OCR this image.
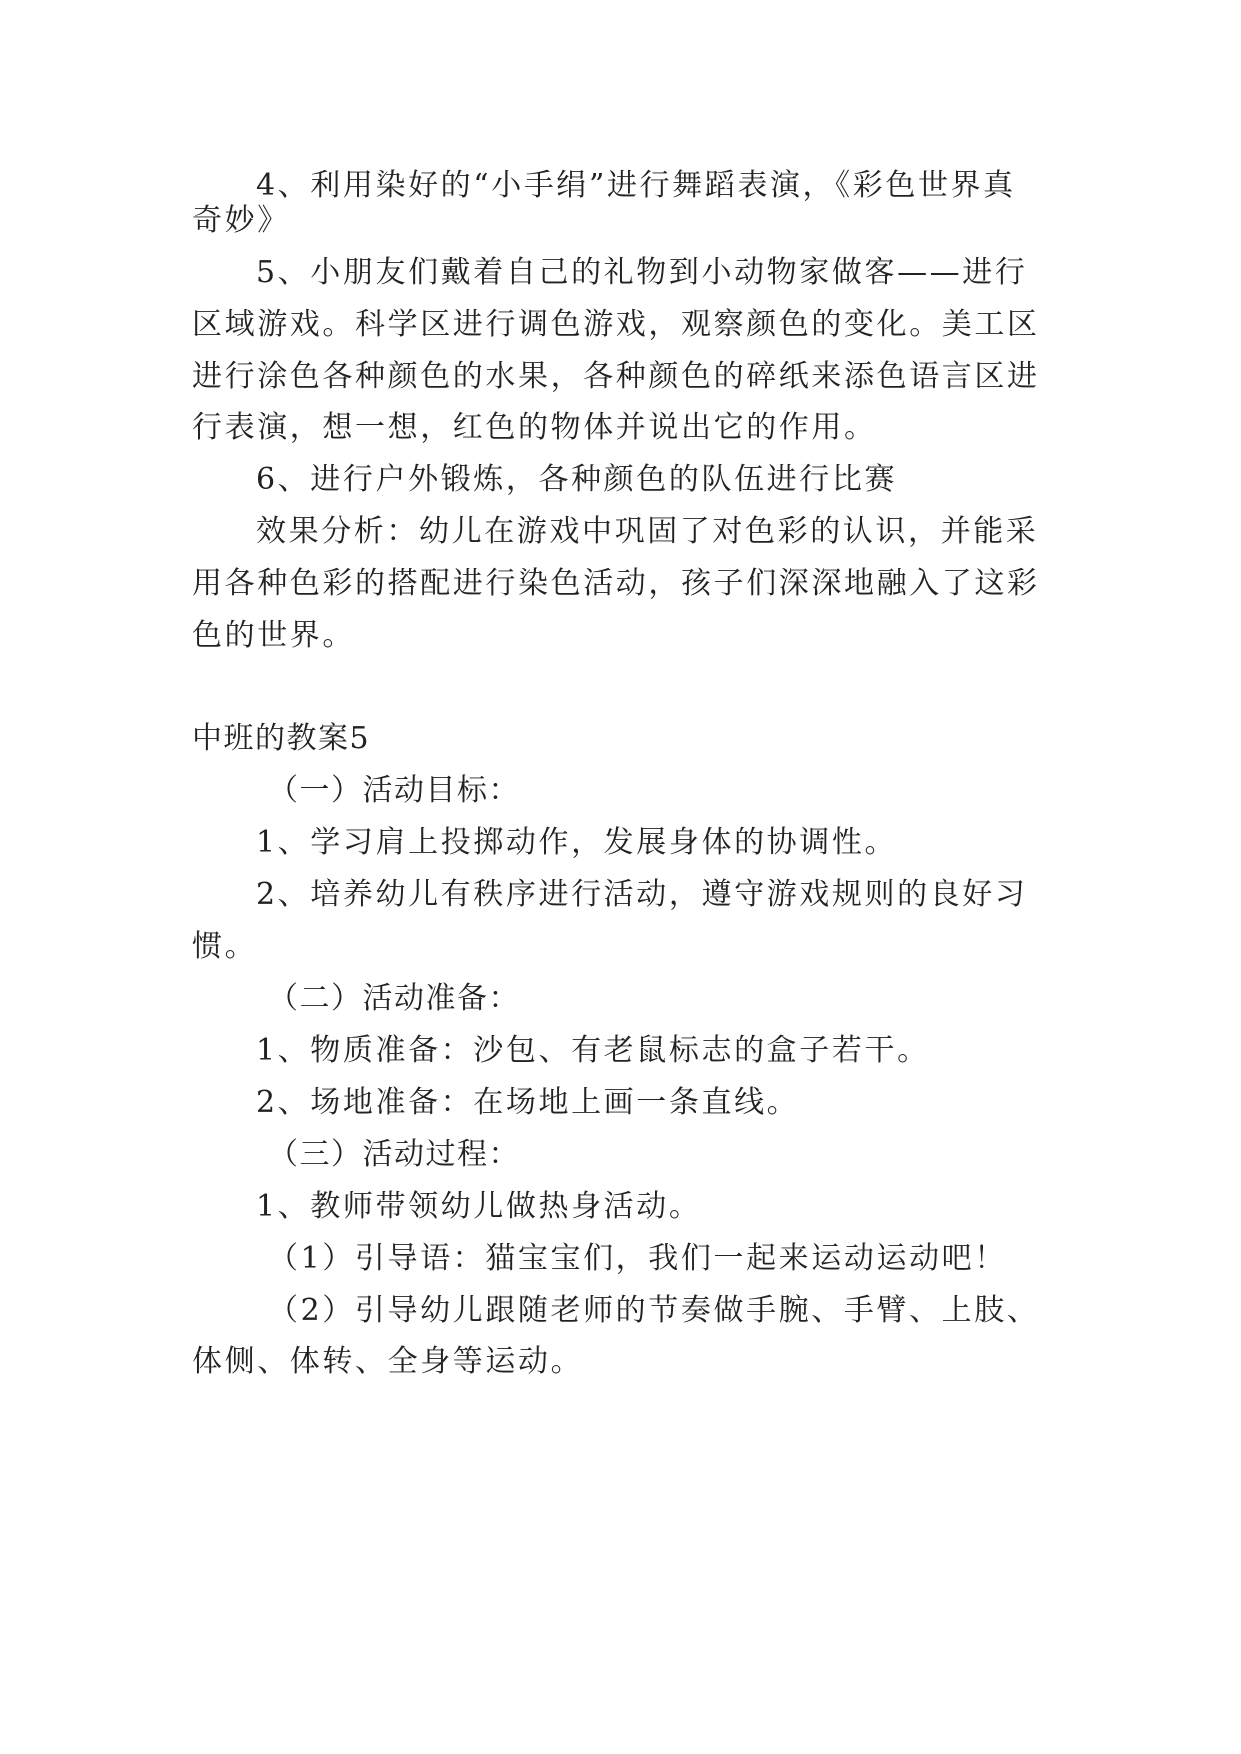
4、利用染好的“小手绢”进行舞蹈表演，《彩色世界真
奇妙》
5、小朋友们戴着自己的礼物到小动物家做客——进行
区域游戏。科学区进行调色游戏，观察颜色的变化。美工区
进行涂色各种颜色的水果，各种颜色的碎纸来添色语言区进
行表演，想一想，红色的物体并说出它的作用。
6、进行户外锻炼，各种颜色的队伍进行比赛
效果分析：幼儿在游戏中巩固了对色彩的认识，并能采
用各种色彩的搭配进行染色活动，孩子们深深地融入了这彩
色的世界。
中班的教案5
（一）活动目标：
1、学习肩上投掷动作，发展身体的协调性。
2、培养幼儿有秩序进行活动，遵守游戏规则的良好习
惯。
（二）活动准备：
1、物质准备：沙包、有老鼠标志的盒子若干。
2、场地准备：在场地上画一条直线。
（三）活动过程：
1、教师带领幼儿做热身活动。
（1）引导语：猫宝宝们，我们一起来运动运动吧！
（2）引导幼儿跟随老师的节奏做手腕、手臂、上肢、
体侧、体转、全身等运动。
